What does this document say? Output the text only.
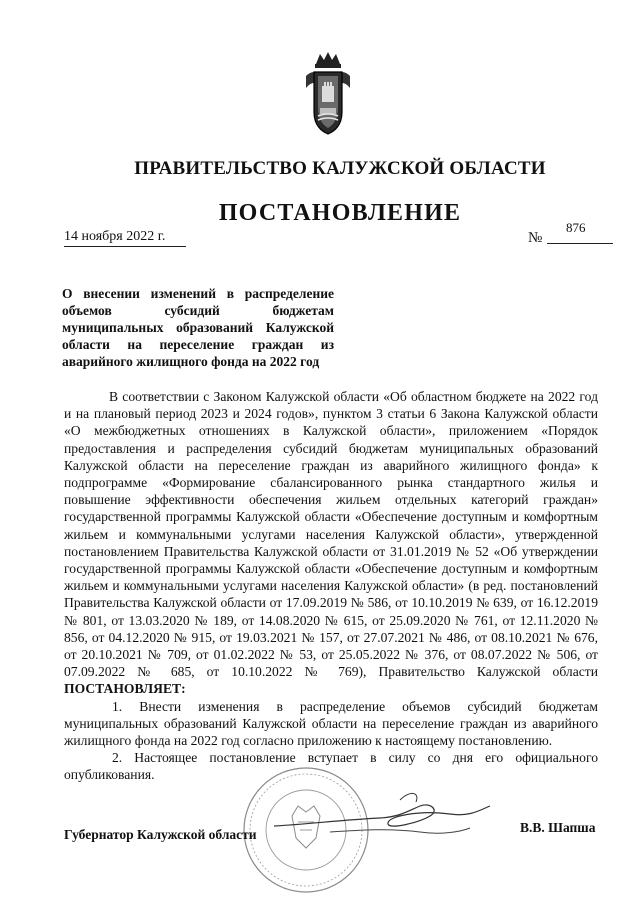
ПРАВИТЕЛЬСТВО КАЛУЖСКОЙ ОБЛАСТИ
ПОСТАНОВЛЕНИЕ
14 ноября 2022 г.	№
876
О внесении изменений в распределение объемов субсидий бюджетам муниципальных образований Калужской области на переселение граждан из аварийного жилищного фонда на 2022 год

В соответствии с Законом Калужской области «Об областном бюджете на 2022 год и на плановый период 2023 и 2024 годов», пунктом 3 статьи 6 Закона Калужской области «О межбюджетных отношениях в Калужской области», приложением «Порядок предоставления и распределения субсидий бюджетам муниципальных образований Калужской области на переселение граждан из аварийного жилищного фонда» к подпрограмме «Формирование сбалансированного рынка стандартного жилья и повышение эффективности обеспечения жильем отдельных категорий граждан» государственной программы Калужской области «Обеспечение доступным и комфортным жильем и коммунальными услугами населения Калужской области», утвержденной постановлением Правительства Калужской области от 31.01.2019 № 52 «Об утверждении государственной программы Калужской области «Обеспечение доступным и комфортным жильем и коммунальными услугами населения Калужской области» (в ред. постановлений Правительства Калужской области от 17.09.2019 № 586, от 10.10.2019 № 639, от 16.12.2019 № 801, от 13.03.2020 № 189, от 14.08.2020 № 615, от 25.09.2020 № 761, от 12.11.2020 № 856, от 04.12.2020 № 915, от 19.03.2021 № 157, от 27.07.2021 № 486, от 08.10.2021 № 676, от 20.10.2021 № 709, от 01.02.2022 № 53, от 25.05.2022 № 376, от 08.07.2022 № 506, от 07.09.2022 № 685, от 10.10.2022 № 769), Правительство Калужской области ПОСТАНОВЛЯЕТ:

1. Внести изменения в распределение объемов субсидий бюджетам муниципальных образований Калужской области на переселение граждан из аварийного жилищного фонда на 2022 год согласно приложению к настоящему постановлению.

2. Настоящее постановление вступает в силу со дня его официального опубликования.

Губернатор Калужской области	В.В. Шапша
